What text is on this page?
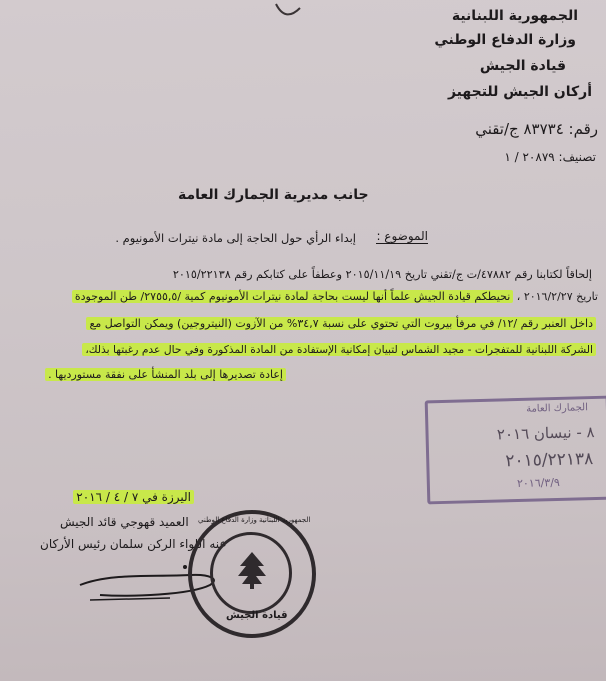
الجمهورية اللبنانية
وزارة الدفاع الوطني
قيادة الجيش
أركان الجيش للتجهيز
رقم: ٨٣٧٣٤ ج/تقني
تصنيف: ٢٠٨٧٩ / ١
جانب مديرية الجمارك العامة
الموضوع :
إبداء الرأي حول الحاجة إلى مادة نيترات الأمونيوم .
إلحاقاً لكتابنا رقم ٤٧٨٨٢/ت ج/تقني تاريخ ٢٠١٥/١١/١٩ وعطفاً على كتابكم رقم ٢٠١٥/٢٢١٣٨
تاريخ ٢٠١٦/٢/٢٧ ، نحيطكم قيادة الجيش علماً أنها ليست بحاجة لمادة نيترات الأمونيوم كمية /٢٧٥٥,٥/ طن الموجودة
داخل العنبر رقم /١٢/ في مرفأ بيروت التي تحتوي على نسبة ٣٤,٧% من الآزوت (النيتروجين) ويمكن التواصل مع
الشركة اللبنانية للمتفجرات - مجيد الشماس لتبيان إمكانية الإستفادة من المادة المذكورة وفي حال عدم رغبتها بذلك،
إعادة تصديرها إلى بلد المنشأ على نفقة مستورديها .
الجمارك العامة
٨ - نيسان ٢٠١٦
٢٠١٥/٢٢١٣٨
٢٠١٦/٣/٩
اليرزة في ٧ / ٤ / ٢٠١٦
العميد قهوجي قائد الجيش
عنه اللواء الركن سلمان رئيس الأركان
الجمهورية اللبنانية وزارة الدفاع الوطني
قيادة الجيش
